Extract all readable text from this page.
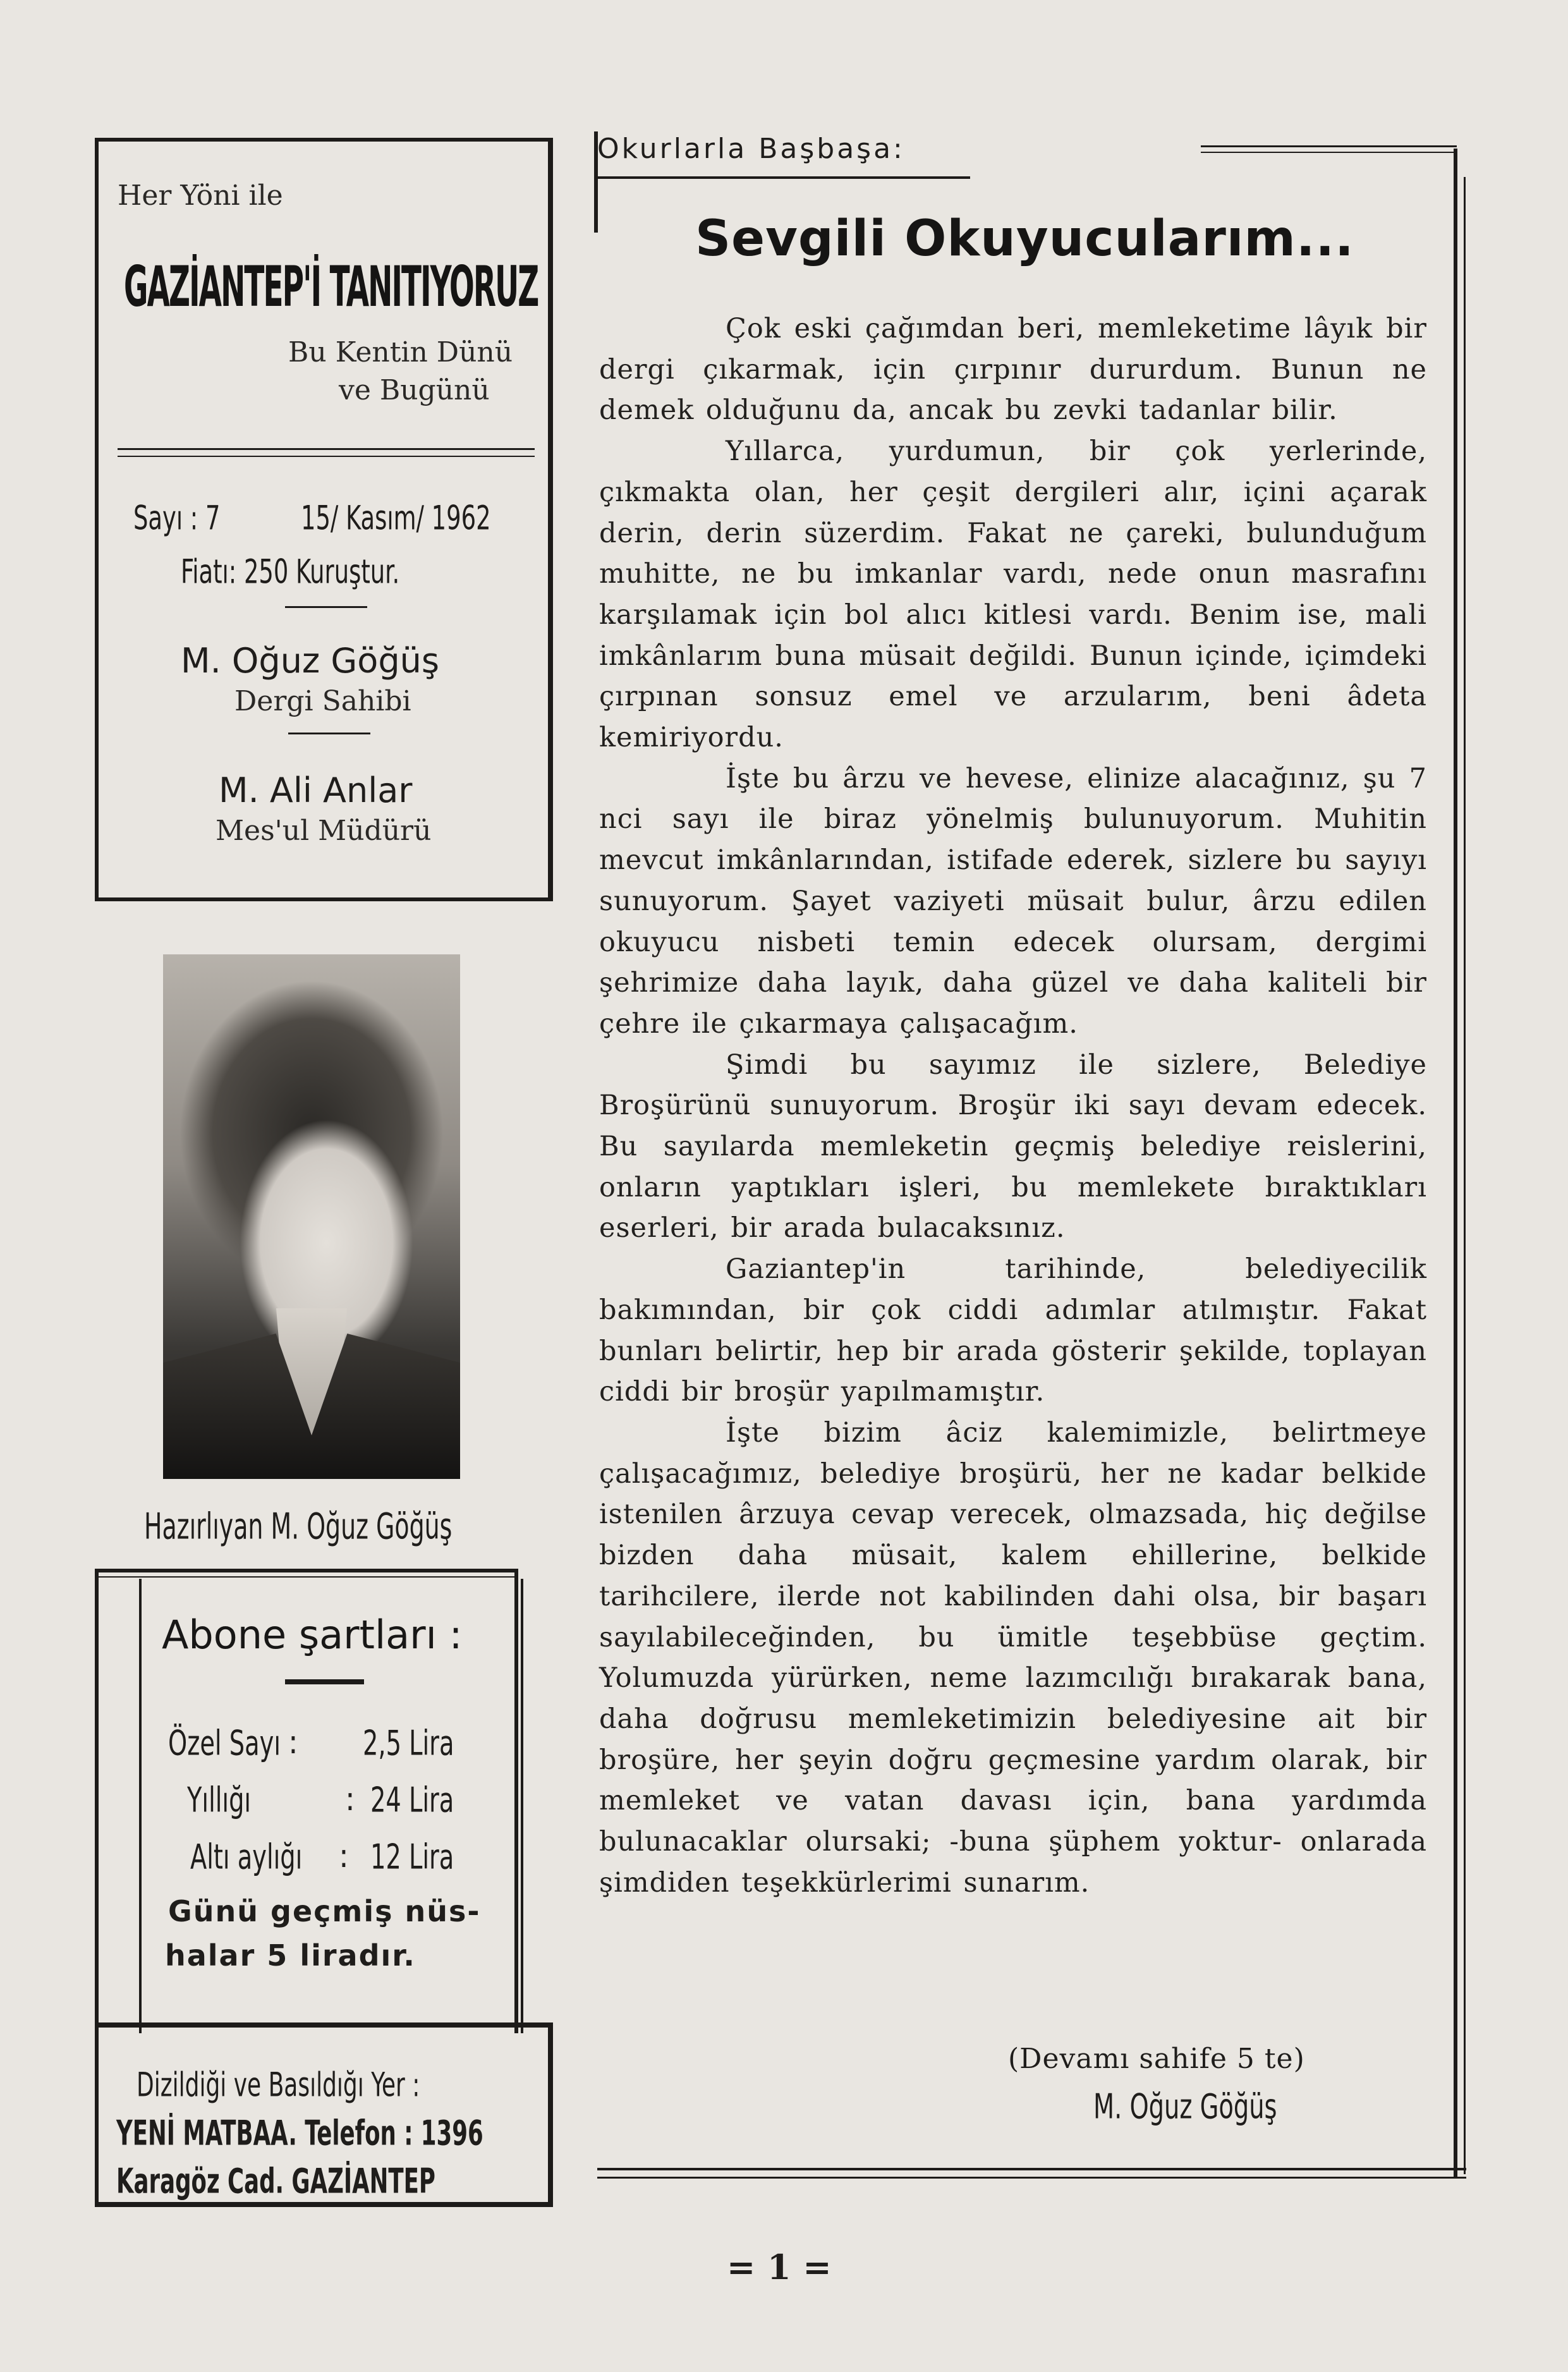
Her Yöni ile
GAZİANTEP'İ TANITIYORUZ
Bu Kentin Dünü
ve Bugünü
Sayı : 7	15/ Kasım/ 1962
Fiatı: 250 Kuruştur.
M. Oğuz Göğüş
Dergi Sahibi
M. Ali Anlar
Mes'ul Müdürü
Hazırlıyan M. Oğuz Göğüş
Abone şartları :
Özel Sayı : 2,5 Lira
Yıllığı	: 24 Lira
Altı aylığı : 12 Lira
Günü geçmiş nüs-
halar 5 liradır.
Dizildiği ve Basıldığı Yer :
YENİ MATBAA. Telefon : 1396
Karagöz Cad. GAZİANTEP
Okurlarla Başbaşa:
Sevgili Okuyucularım...

Çok eski çağımdan beri, memleketime lâyık bir dergi çıkarmak, için çırpınır dururdum. Bunun ne demek olduğunu da, ancak bu zevki tadanlar bilir.

Yıllarca, yurdumun, bir çok yerlerinde, çıkmakta olan, her çeşit dergileri alır, içini açarak derin, derin süzerdim. Fakat ne çareki, bulunduğum muhitte, ne bu imkanlar vardı, nede onun masrafını karşılamak için bol alıcı kitlesi vardı. Benim ise, mali imkânlarım buna müsait değildi. Bunun içinde, içimdeki çırpınan sonsuz emel ve arzularım, beni âdeta kemiriyordu.

İşte bu ârzu ve hevese, elinize alacağınız, şu 7 nci sayı ile biraz yönelmiş bulunuyorum. Muhitin mevcut imkânlarından, istifade ederek, sizlere bu sayıyı sunuyorum. Şayet vaziyeti müsait bulur, ârzu edilen okuyucu nisbeti temin edecek olursam, dergimi şehrimize daha layık, daha güzel ve daha kaliteli bir çehre ile çıkarmaya çalışacağım.

Şimdi bu sayımız ile sizlere, Belediye Broşürünü sunuyorum. Broşür iki sayı devam edecek. Bu sayılarda memleketin geçmiş belediye reislerini, onların yaptıkları işleri, bu memlekete bıraktıkları eserleri, bir arada bulacaksınız.

Gaziantep'in tarihinde, belediyecilik bakımından, bir çok ciddi adımlar atılmıştır. Fakat bunları belirtir, hep bir arada gösterir şekilde, toplayan ciddi bir broşür yapılmamıştır.

İşte bizim âciz kalemimizle, belirtmeye çalışacağımız, belediye broşürü, her ne kadar belkide istenilen ârzuya cevap verecek, olmazsada, hiç değilse bizden daha müsait, kalem ehillerine, belkide tarihcilere, ilerde not kabilinden dahi olsa, bir başarı sayılabileceğinden, bu ümitle teşebbüse geçtim. Yolumuzda yürürken, neme lazımcılığı bırakarak bana, daha doğrusu memleketimizin belediyesine ait bir broşüre, her şeyin doğru geçmesine yardım olarak, bir memleket ve vatan davası için, bana yardımda bulunacaklar olursaki; -buna şüphem yoktur- onlarada şimdiden teşekkürlerimi sunarım.

(Devamı sahife 5 te)
M. Oğuz Göğüş
= 1 =
